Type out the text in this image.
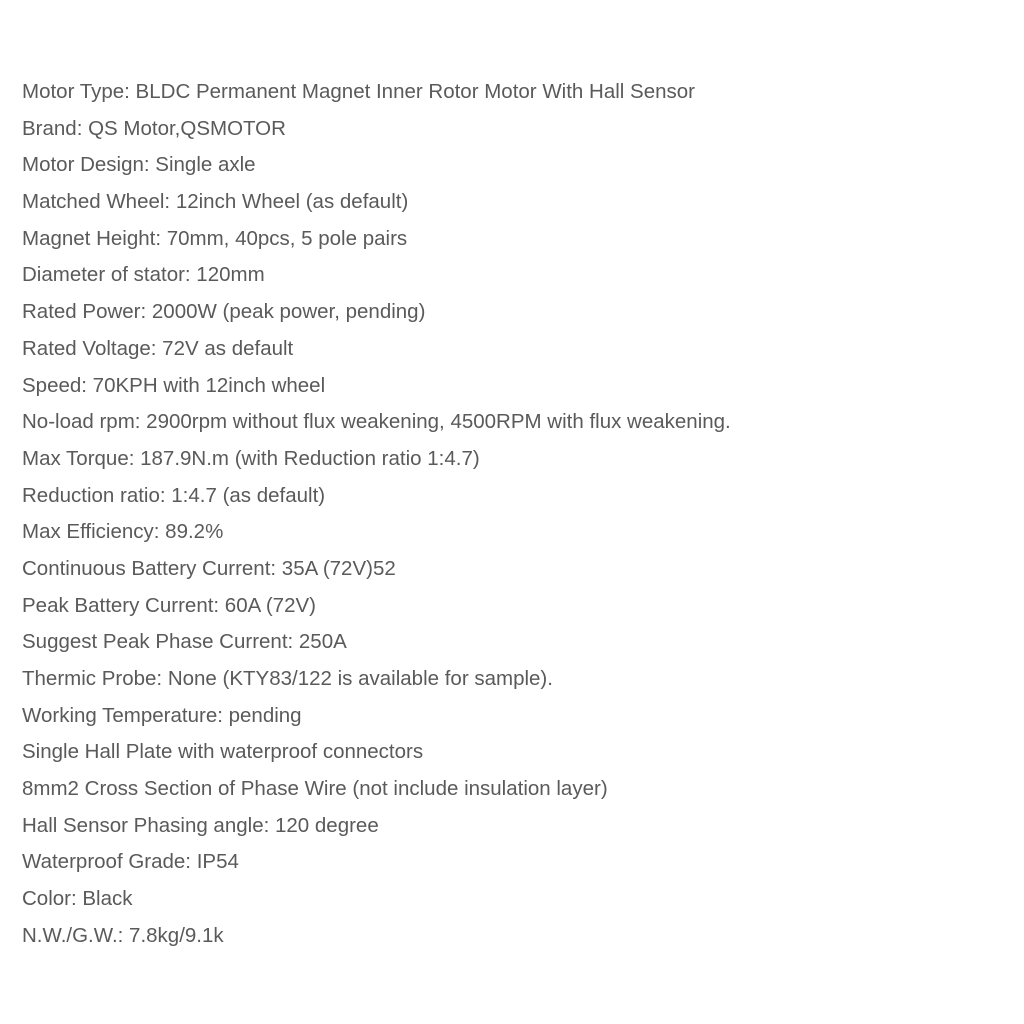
Motor Type: BLDC Permanent Magnet Inner Rotor Motor With Hall Sensor
Brand: QS Motor,QSMOTOR
Motor Design: Single axle
Matched Wheel: 12inch Wheel (as default)
Magnet Height: 70mm, 40pcs, 5 pole pairs
Diameter of stator: 120mm
Rated Power: 2000W (peak power, pending)
Rated Voltage: 72V as default
Speed: 70KPH with 12inch wheel
No-load rpm: 2900rpm without flux weakening, 4500RPM with flux weakening.
Max Torque: 187.9N.m (with Reduction ratio 1:4.7)
Reduction ratio: 1:4.7 (as default)
Max Efficiency: 89.2%
Continuous Battery Current: 35A (72V)52
Peak Battery Current: 60A (72V)
Suggest Peak Phase Current: 250A
Thermic Probe: None (KTY83/122 is available for sample).
Working Temperature: pending
Single Hall Plate with waterproof connectors
8mm2 Cross Section of Phase Wire (not include insulation layer)
Hall Sensor Phasing angle: 120 degree
Waterproof Grade: IP54
Color: Black
N.W./G.W.: 7.8kg/9.1k
